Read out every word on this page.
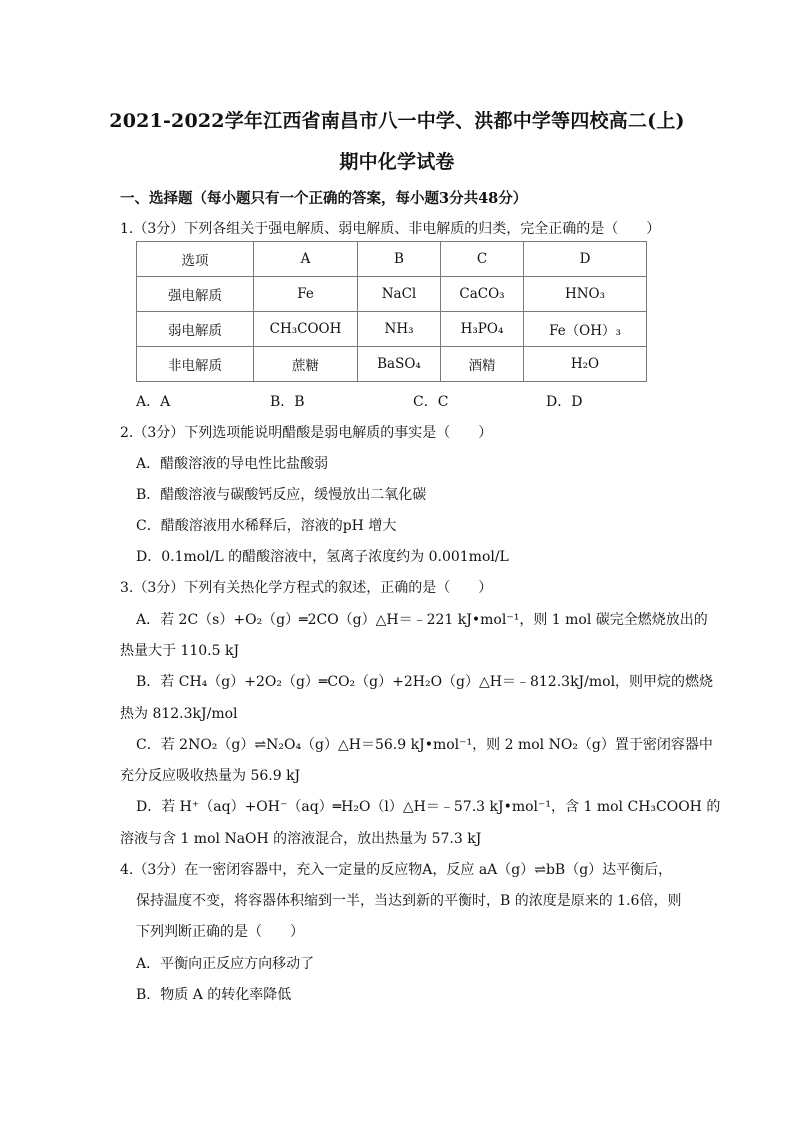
2021-2022学年江西省南昌市八一中学、洪都中学等四校高二(上)
期中化学试卷
一、选择题（每小题只有一个正确的答案，每小题3分共48分）
1.（3分）下列各组关于强电解质、弱电解质、非电解质的归类，完全正确的是（　　）
选项	A	B	C	D
强电解质	Fe	NaCl	CaCO₃	HNO₃
弱电解质	CH₃COOH	NH₃	H₃PO₄	Fe（OH）₃
非电解质	蔗糖	BaSO₄	酒精	H₂O
A．A	B．B	C．C	D．D
2.（3分）下列选项能说明醋酸是弱电解质的事实是（　　）
A．醋酸溶液的导电性比盐酸弱
B．醋酸溶液与碳酸钙反应，缓慢放出二氧化碳
C．醋酸溶液用水稀释后，溶液的pH 增大
D．0.1mol/L 的醋酸溶液中，氢离子浓度约为 0.001mol/L
3.（3分）下列有关热化学方程式的叙述，正确的是（　　）
A．若 2C（s）+O₂（g）═2CO（g）△H＝﹣221 kJ•mol⁻¹，则 1 mol 碳完全燃烧放出的
热量大于 110.5 kJ
B．若 CH₄（g）+2O₂（g）═CO₂（g）+2H₂O（g）△H＝﹣812.3kJ/mol，则甲烷的燃烧
热为 812.3kJ/mol
C．若 2NO₂（g）⇌N₂O₄（g）△H＝56.9 kJ•mol⁻¹，则 2 mol NO₂（g）置于密闭容器中
充分反应吸收热量为 56.9 kJ
D．若 H⁺（aq）+OH⁻（aq）═H₂O（l）△H＝﹣57.3 kJ•mol⁻¹，含 1 mol CH₃COOH 的
溶液与含 1 mol NaOH 的溶液混合，放出热量为 57.3 kJ
4.（3分）在一密闭容器中，充入一定量的反应物A，反应 aA（g）⇌bB（g）达平衡后，
保持温度不变，将容器体积缩到一半，当达到新的平衡时，B 的浓度是原来的 1.6倍，则
下列判断正确的是（　　）
A．平衡向正反应方向移动了
B．物质 A 的转化率降低
